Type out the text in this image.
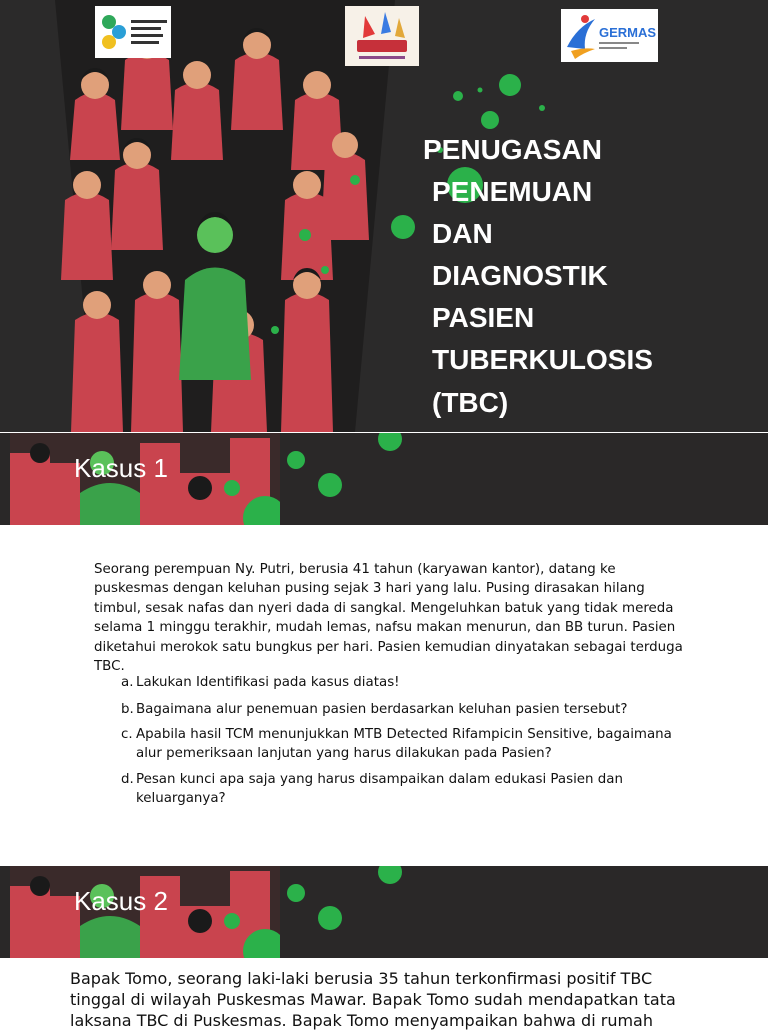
GERMAS
PENUGASAN
PENEMUAN
DAN
DIAGNOSTIK
PASIEN
TUBERKULOSIS
(TBC)
Kasus 1
Seorang perempuan Ny. Putri, berusia 41 tahun (karyawan kantor), datang ke puskesmas dengan keluhan pusing sejak 3 hari yang lalu. Pusing dirasakan hilang timbul, sesak nafas dan nyeri dada di sangkal. Mengeluhkan batuk yang tidak mereda selama 1 minggu terakhir, mudah lemas, nafsu makan menurun, dan BB turun. Pasien diketahui merokok satu bungkus per hari. Pasien kemudian dinyatakan sebagai terduga TBC.
a. Lakukan Identifikasi pada kasus diatas!
b. Bagaimana alur penemuan pasien berdasarkan keluhan pasien tersebut?
c. Apabila hasil TCM menunjukkan MTB Detected Rifampicin Sensitive, bagaimana alur pemeriksaan lanjutan yang harus dilakukan pada Pasien?
d. Pesan kunci apa saja yang harus disampaikan dalam edukasi Pasien dan keluarganya?
Kasus 2
Bapak Tomo, seorang laki-laki berusia 35 tahun terkonfirmasi positif TBC tinggal di wilayah Puskesmas Mawar. Bapak Tomo sudah mendapatkan tata laksana TBC di Puskesmas. Bapak Tomo menyampaikan bahwa di rumah
